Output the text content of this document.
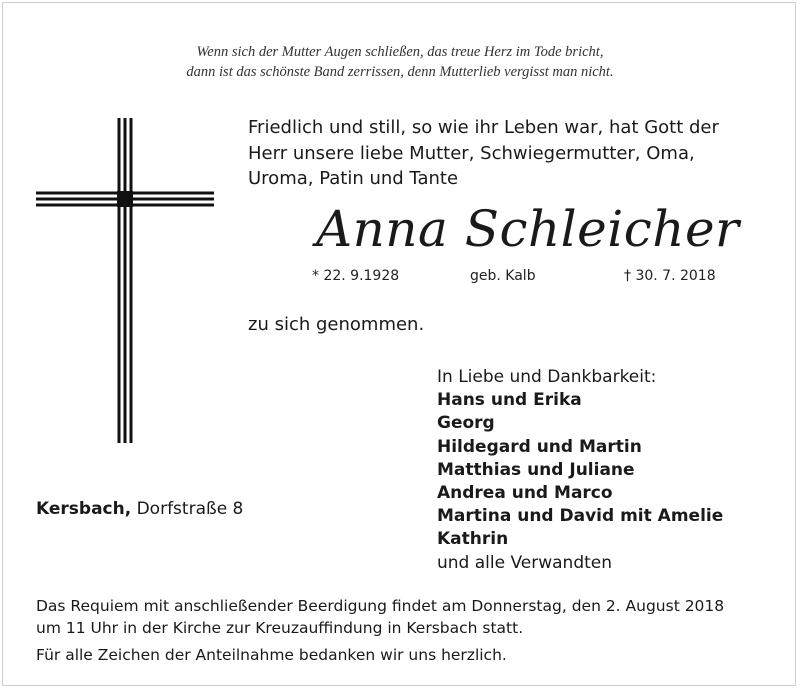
Wenn sich der Mutter Augen schließen, das treue Herz im Tode bricht,
dann ist das schönste Band zerrissen, denn Mutterlieb vergisst man nicht.
Friedlich und still, so wie ihr Leben war, hat Gott der
Herr unsere liebe Mutter, Schwiegermutter, Oma,
Uroma, Patin und Tante
Anna Schleicher
* 22. 9.1928	geb. Kalb	† 30. 7. 2018
zu sich genommen.
In Liebe und Dankbarkeit:
Hans und Erika
Georg
Hildegard und Martin
Matthias und Juliane
Andrea und Marco
Martina und David mit Amelie
Kathrin
und alle Verwandten
Kersbach, Dorfstraße 8
Das Requiem mit anschließender Beerdigung findet am Donnerstag, den 2. August 2018
um 11 Uhr in der Kirche zur Kreuzauffindung in Kersbach statt.
Für alle Zeichen der Anteilnahme bedanken wir uns herzlich.
